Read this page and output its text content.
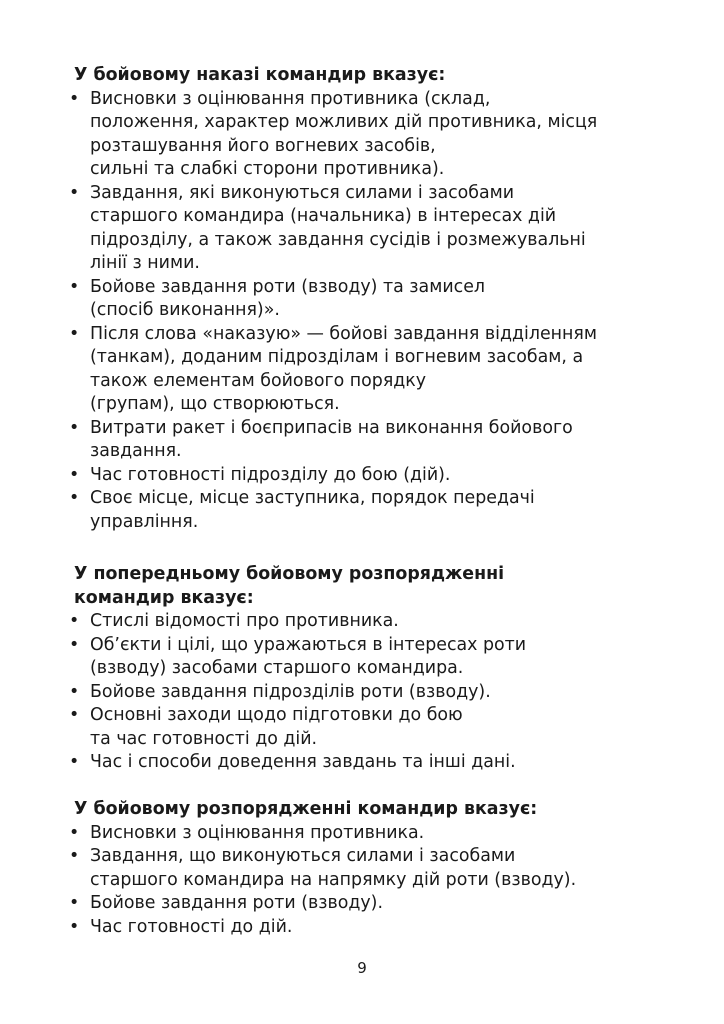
У бойовому наказі командир вказує:
• Висновки з оцінювання противника (склад,
положення, характер можливих дій противника, місця
розташування його вогневих засобів,
сильні та слабкі сторони противника).
• Завдання, які виконуються силами і засобами
старшого командира (начальника) в інтересах дій
підрозділу, а також завдання сусідів і розмежувальні
лінії з ними.
• Бойове завдання роти (взводу) та замисел
(спосіб виконання)».
• Після слова «наказую» — бойові завдання відділенням
(танкам), доданим підрозділам і вогневим засобам, а
також елементам бойового порядку
(групам), що створюються.
• Витрати ракет і боєприпасів на виконання бойового
завдання.
• Час готовності підрозділу до бою (дій).
• Своє місце, місце заступника, порядок передачі
управління.
У попередньому бойовому розпорядженні
командир вказує:
• Стислі відомості про противника.
• Об’єкти і цілі, що уражаються в інтересах роти
(взводу) засобами старшого командира.
• Бойове завдання підрозділів роти (взводу).
• Основні заходи щодо підготовки до бою
та час готовності до дій.
• Час і способи доведення завдань та інші дані.
У бойовому розпорядженні командир вказує:
• Висновки з оцінювання противника.
• Завдання, що виконуються силами і засобами
старшого командира на напрямку дій роти (взводу).
• Бойове завдання роти (взводу).
• Час готовності до дій.
9
